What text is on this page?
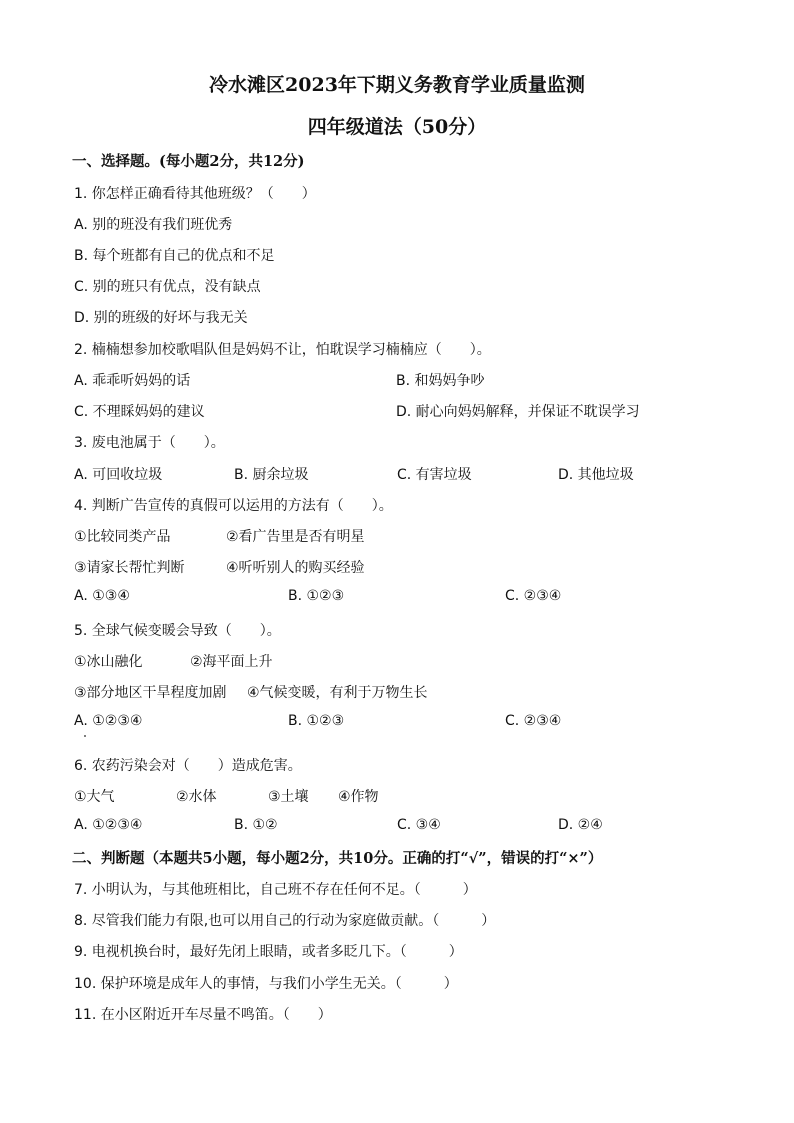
冷水滩区2023年下期义务教育学业质量监测
四年级道法（50分）
一、选择题。(每小题2分，共12分)
1. 你怎样正确看待其他班级？（　　）
A. 别的班没有我们班优秀
B. 每个班都有自己的优点和不足
C. 别的班只有优点，没有缺点
D. 别的班级的好坏与我无关
2. 楠楠想参加校歌唱队但是妈妈不让，怕耽误学习楠楠应（　　）。
A. 乖乖听妈妈的话	B. 和妈妈争吵
C. 不理睬妈妈的建议	D. 耐心向妈妈解释，并保证不耽误学习
3. 废电池属于（　　）。
A. 可回收垃圾	B. 厨余垃圾	C. 有害垃圾	D. 其他垃圾
4. 判断广告宣传的真假可以运用的方法有（　　）。
①比较同类产品	②看广告里是否有明星
③请家长帮忙判断	④听听别人的购买经验
A. ①③④	B. ①②③	C. ②③④
5. 全球气候变暖会导致（　　）。
①冰山融化	②海平面上升
③部分地区干旱程度加剧 ④气候变暖，有利于万物生长
A. ①②③④	B. ①②③	C. ②③④
6. 农药污染会对（　　）造成危害。
①大气	②水体	③土壤 ④作物
A. ①②③④	B. ①②	C. ③④	D. ②④
二、判断题（本题共5小题，每小题2分，共10分。正确的打“√”，错误的打“×”）
7. 小明认为，与其他班相比，自己班不存在任何不足。（　　　）
8. 尽管我们能力有限,也可以用自己的行动为家庭做贡献。（　　　）
9. 电视机换台时，最好先闭上眼睛，或者多眨几下。（　　　）
10. 保护环境是成年人的事情，与我们小学生无关。（　　　）
11. 在小区附近开车尽量不鸣笛。（　　）
